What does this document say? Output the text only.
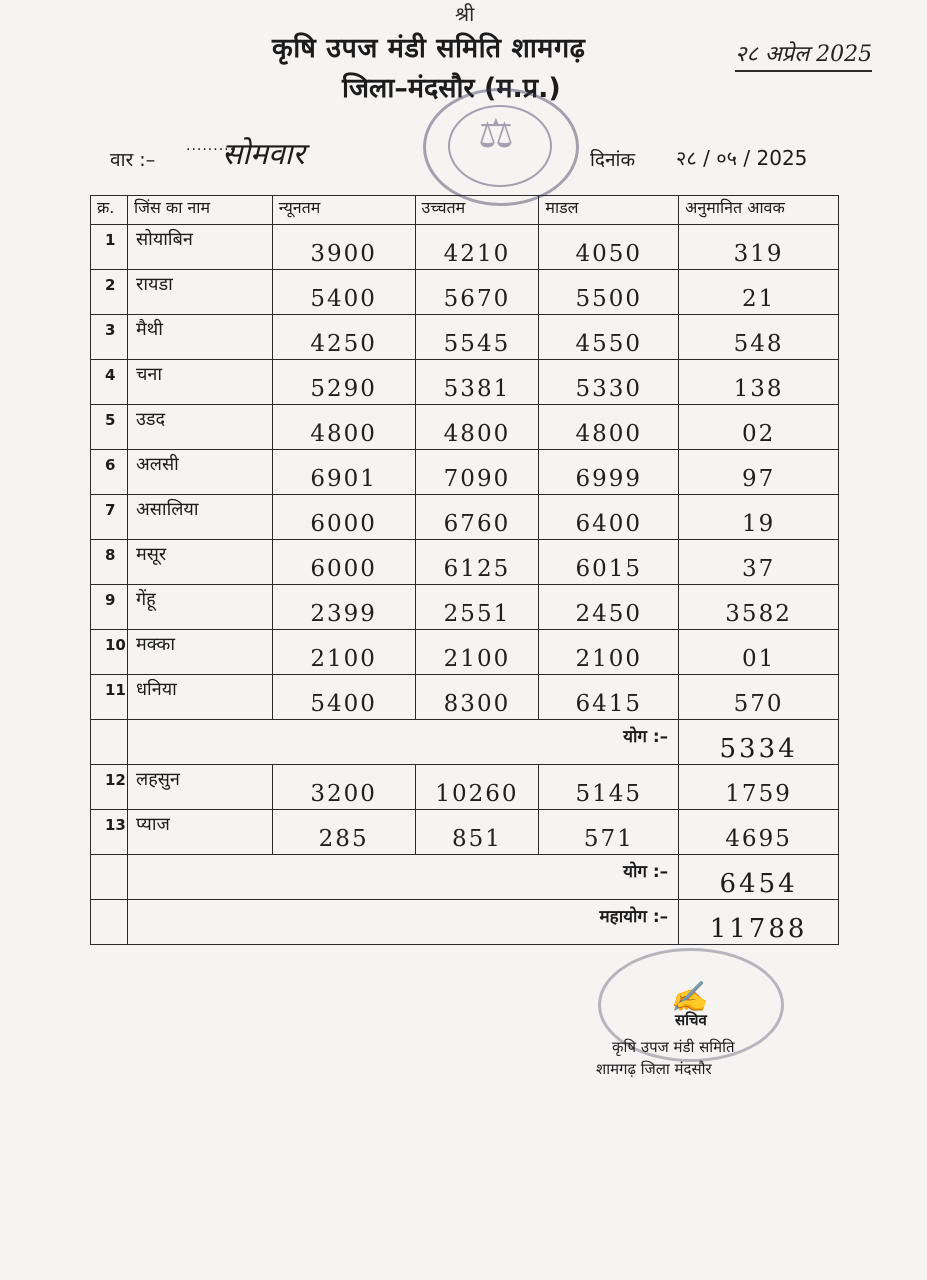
श्री
कृषि उपज मंडी समिति शामगढ़
जिला–मंदसौर (म.प्र.)
२८ अप्रेल 2025
⚖
वार :–
.........
सोमवार	दिनांक २८ / ०५ / 2025
क्र.	जिंस का नाम	न्यूनतम	उच्चतम	माडल	अनुमानित आवक
1	सोयाबिन	3900	4210	4050	319
2	रायडा	5400	5670	5500	21
3	मैथी	4250	5545	4550	548
4	चना	5290	5381	5330	138
5	उडद	4800	4800	4800	02
6	अलसी	6901	7090	6999	97
7	असालिया	6000	6760	6400	19
8	मसूर	6000	6125	6015	37
9	गेंहू	2399	2551	2450	3582
10	मक्का	2100	2100	2100	01
11	धनिया	5400	8300	6415	570
	योग :–				5334
12	लहसुन	3200	10260	5145	1759
13	प्याज	285	851	571	4695
	योग :–				6454
	महायोग :–				11788
✍
सचिव
कृषि उपज मंडी समिति
शामगढ़ जिला मंदसौर
